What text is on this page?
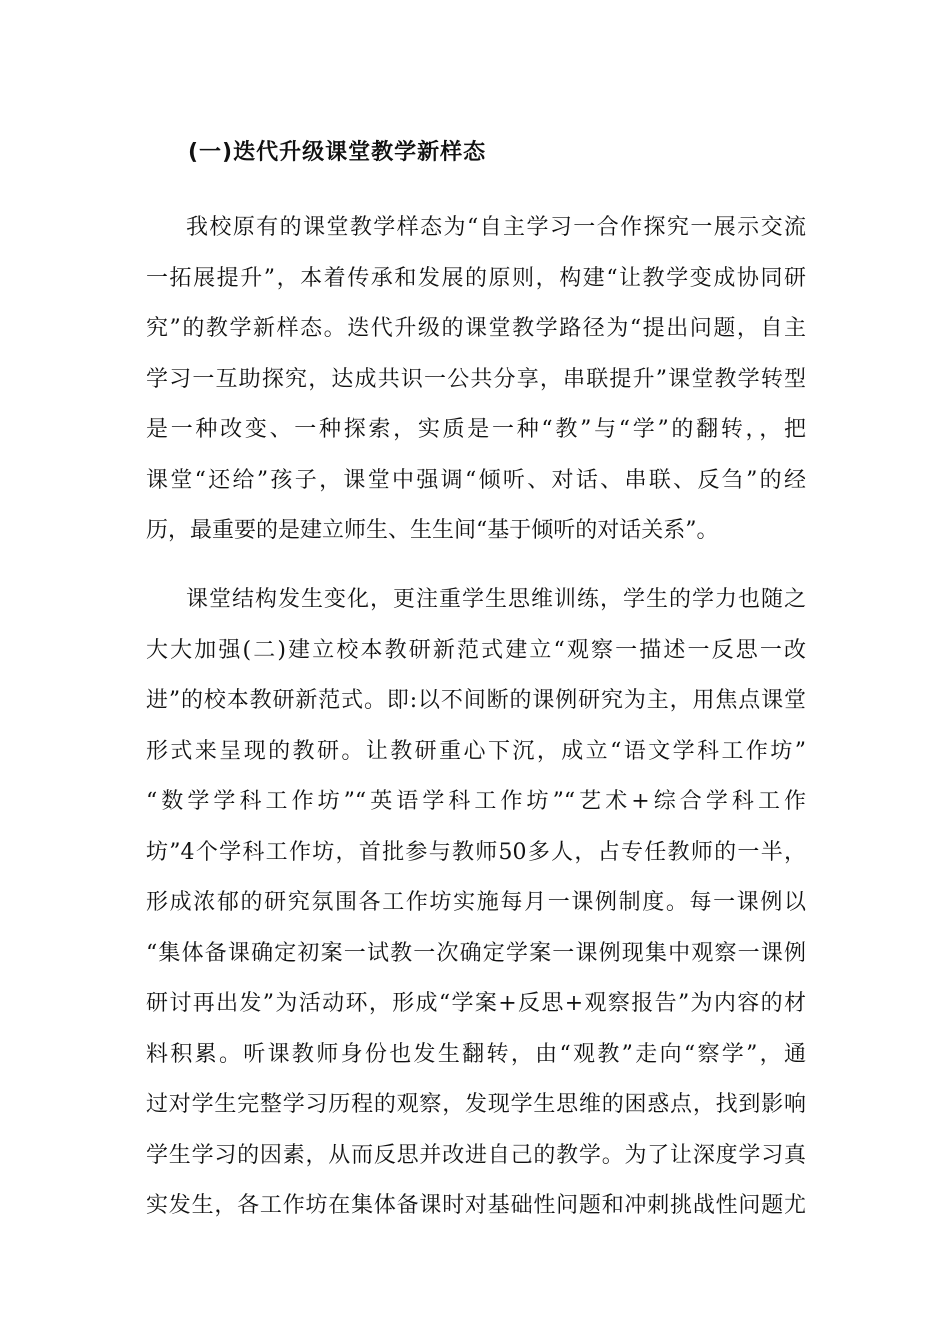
(一)迭代升级课堂教学新样态
我校原有的课堂教学样态为“自主学习一合作探究一展示交流
一拓展提升”，本着传承和发展的原则，构建“让教学变成协同研
究”的教学新样态。迭代升级的课堂教学路径为“提出问题，自主
学习一互助探究，达成共识一公共分享，串联提升”课堂教学转型
是一种改变、一种探索，实质是一种“教”与“学”的翻转，，把
课堂“还给”孩子，课堂中强调“倾听、对话、串联、反刍”的经
历，最重要的是建立师生、生生间“基于倾听的对话关系”。
课堂结构发生变化，更注重学生思维训练，学生的学力也随之
大大加强(二)建立校本教研新范式建立“观察一描述一反思一改
进”的校本教研新范式。即:以不间断的课例研究为主，用焦点课堂
形式来呈现的教研。让教研重心下沉，成立“语文学科工作坊”
“数学学科工作坊”“英语学科工作坊”“艺术+综合学科工作
坊”4个学科工作坊，首批参与教师50多人，占专任教师的一半，
形成浓郁的研究氛围各工作坊实施每月一课例制度。每一课例以
“集体备课确定初案一试教一次确定学案一课例现集中观察一课例
研讨再出发”为活动环，形成“学案+反思+观察报告”为内容的材
料积累。听课教师身份也发生翻转，由“观教”走向“察学”，通
过对学生完整学习历程的观察，发现学生思维的困惑点，找到影响
学生学习的因素，从而反思并改进自己的教学。为了让深度学习真
实发生，各工作坊在集体备课时对基础性问题和冲刺挑战性问题尤
